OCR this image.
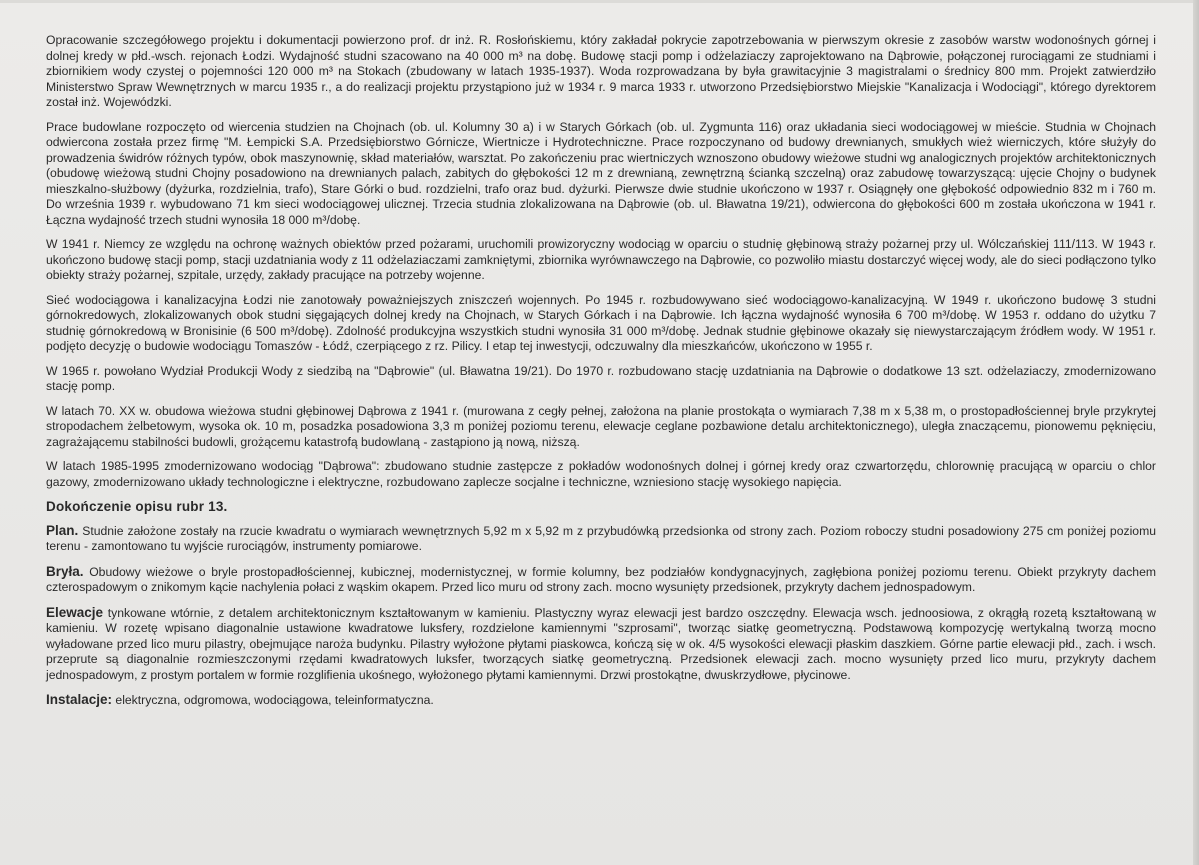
Opracowanie szczegółowego projektu i dokumentacji powierzono prof. dr inż. R. Rosłońskiemu, który zakładał pokrycie zapotrzebowania w pierwszym okresie z zasobów warstw wodonośnych górnej i dolnej kredy w płd.-wsch. rejonach Łodzi. Wydajność studni szacowano na 40 000 m³ na dobę. Budowę stacji pomp i odżelaziaczy zaprojektowano na Dąbrowie, połączonej rurociągami ze studniami i zbiornikiem wody czystej o pojemności 120 000 m³ na Stokach (zbudowany w latach 1935-1937). Woda rozprowadzana by była grawitacyjnie 3 magistralami o średnicy 800 mm. Projekt zatwierdziło Ministerstwo Spraw Wewnętrznych w marcu 1935 r., a do realizacji projektu przystąpiono już w 1934 r. 9 marca 1933 r. utworzono Przedsiębiorstwo Miejskie "Kanalizacja i Wodociągi", którego dyrektorem został inż. Wojewódzki.

Prace budowlane rozpoczęto od wiercenia studzien na Chojnach (ob. ul. Kolumny 30 a) i w Starych Górkach (ob. ul. Zygmunta 116) oraz układania sieci wodociągowej w mieście. Studnia w Chojnach odwiercona została przez firmę "M. Łempicki S.A. Przedsiębiorstwo Górnicze, Wiertnicze i Hydrotechniczne. Prace rozpoczynano od budowy drewnianych, smukłych wież wierniczych, które służyły do prowadzenia świdrów różnych typów, obok maszynownię, skład materiałów, warsztat. Po zakończeniu prac wiertniczych wznoszono obudowy wieżowe studni wg analogicznych projektów architektonicznych (obudowę wieżową studni Chojny posadowiono na drewnianych palach, zabitych do głębokości 12 m z drewnianą, zewnętrzną ścianką szczelną) oraz zabudowę towarzyszącą: ujęcie Chojny o budynek mieszkalno-służbowy (dyżurka, rozdzielnia, trafo), Stare Górki o bud. rozdzielni, trafo oraz bud. dyżurki. Pierwsze dwie studnie ukończono w 1937 r. Osiągnęły one głębokość odpowiednio 832 m i 760 m. Do września 1939 r. wybudowano 71 km sieci wodociągowej ulicznej. Trzecia studnia zlokalizowana na Dąbrowie (ob. ul. Bławatna 19/21), odwiercona do głębokości 600 m została ukończona w 1941 r. Łączna wydajność trzech studni wynosiła 18 000 m³/dobę.

W 1941 r. Niemcy ze względu na ochronę ważnych obiektów przed pożarami, uruchomili prowizoryczny wodociąg w oparciu o studnię głębinową straży pożarnej przy ul. Wólczańskiej 111/113. W 1943 r. ukończono budowę stacji pomp, stacji uzdatniania wody z 11 odżelaziaczami zamkniętymi, zbiornika wyrównawczego na Dąbrowie, co pozwoliło miastu dostarczyć więcej wody, ale do sieci podłączono tylko obiekty straży pożarnej, szpitale, urzędy, zakłady pracujące na potrzeby wojenne.

Sieć wodociągowa i kanalizacyjna Łodzi nie zanotowały poważniejszych zniszczeń wojennych. Po 1945 r. rozbudowywano sieć wodociągowo-kanalizacyjną. W 1949 r. ukończono budowę 3 studni górnokredowych, zlokalizowanych obok studni sięgających dolnej kredy na Chojnach, w Starych Górkach i na Dąbrowie. Ich łączna wydajność wynosiła 6 700 m³/dobę. W 1953 r. oddano do użytku 7 studnię górnokredową w Bronisinie (6 500 m³/dobę). Zdolność produkcyjna wszystkich studni wynosiła 31 000 m³/dobę. Jednak studnie głębinowe okazały się niewystarczającym źródłem wody. W 1951 r. podjęto decyzję o budowie wodociągu Tomaszów - Łódź, czerpiącego z rz. Pilicy. I etap tej inwestycji, odczuwalny dla mieszkańców, ukończono w 1955 r.

W 1965 r. powołano Wydział Produkcji Wody z siedzibą na "Dąbrowie" (ul. Bławatna 19/21). Do 1970 r. rozbudowano stację uzdatniania na Dąbrowie o dodatkowe 13 szt. odżelaziaczy, zmodernizowano stację pomp.

W latach 70. XX w. obudowa wieżowa studni głębinowej Dąbrowa z 1941 r. (murowana z cegły pełnej, założona na planie prostokąta o wymiarach 7,38 m x 5,38 m, o prostopadłościennej bryle przykrytej stropodachem żelbetowym, wysoka ok. 10 m, posadzka posadowiona 3,3 m poniżej poziomu terenu, elewacje ceglane pozbawione detalu architektonicznego), uległa znaczącemu, pionowemu pęknięciu, zagrażającemu stabilności budowli, grożącemu katastrofą budowlaną - zastąpiono ją nową, niższą.

W latach 1985-1995 zmodernizowano wodociąg "Dąbrowa": zbudowano studnie zastępcze z pokładów wodonośnych dolnej i górnej kredy oraz czwartorzędu, chlorownię pracującą w oparciu o chlor gazowy, zmodernizowano układy technologiczne i elektryczne, rozbudowano zaplecze socjalne i techniczne, wzniesiono stację wysokiego napięcia.

Dokończenie opisu rubr 13.

Plan. Studnie założone zostały na rzucie kwadratu o wymiarach wewnętrznych 5,92 m x 5,92 m z przybudówką przedsionka od strony zach. Poziom roboczy studni posadowiony 275 cm poniżej poziomu terenu - zamontowano tu wyjście rurociągów, instrumenty pomiarowe.

Bryła. Obudowy wieżowe o bryle prostopadłościennej, kubicznej, modernistycznej, w formie kolumny, bez podziałów kondygnacyjnych, zagłębiona poniżej poziomu terenu. Obiekt przykryty dachem czterospadowym o znikomym kącie nachylenia połaci z wąskim okapem. Przed lico muru od strony zach. mocno wysunięty przedsionek, przykryty dachem jednospadowym.

Elewacje tynkowane wtórnie, z detalem architektonicznym kształtowanym w kamieniu. Plastyczny wyraz elewacji jest bardzo oszczędny. Elewacja wsch. jednoosiowa, z okrągłą rozetą kształtowaną w kamieniu. W rozetę wpisano diagonalnie ustawione kwadratowe luksfery, rozdzielone kamiennymi "szprosami", tworząc siatkę geometryczną. Podstawową kompozycję wertykalną tworzą mocno wyładowane przed lico muru pilastry, obejmujące naroża budynku. Pilastry wyłożone płytami piaskowca, kończą się w ok. 4/5 wysokości elewacji płaskim daszkiem. Górne partie elewacji płd., zach. i wsch. przeprute są diagonalnie rozmieszczonymi rzędami kwadratowych luksfer, tworzących siatkę geometryczną. Przedsionek elewacji zach. mocno wysunięty przed lico muru, przykryty dachem jednospadowym, z prostym portalem w formie rozglifienia ukośnego, wyłożonego płytami kamiennymi. Drzwi prostokątne, dwuskrzydłowe, płycinowe.

Instalacje: elektryczna, odgromowa, wodociągowa, teleinformatyczna.
